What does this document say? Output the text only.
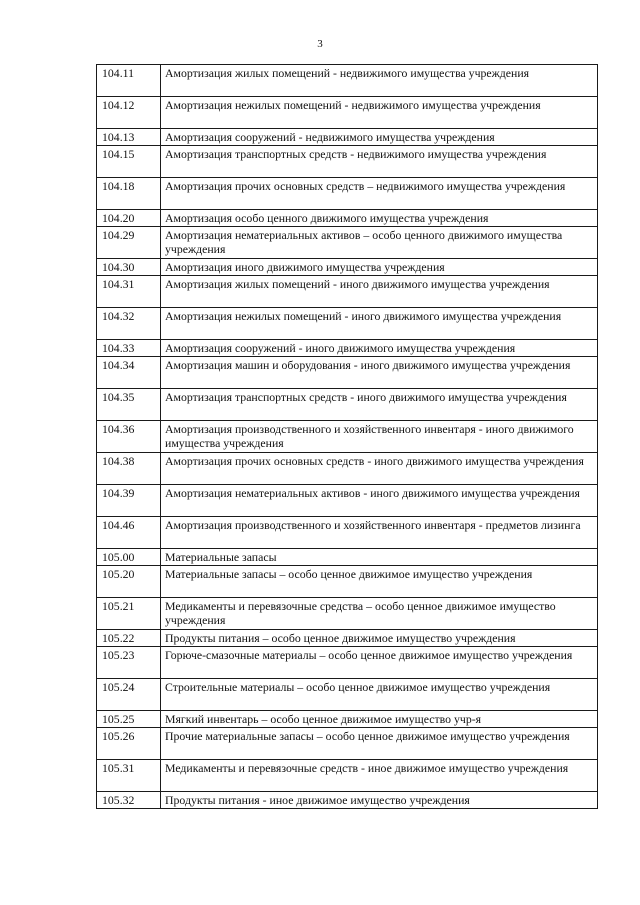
3
104.11	Амортизация жилых помещений - недвижимого имущества учреждения
104.12	Амортизация нежилых помещений - недвижимого имущества учреждения
104.13	Амортизация сооружений - недвижимого имущества учреждения
104.15	Амортизация транспортных средств - недвижимого имущества учреждения
104.18	Амортизация прочих основных средств – недвижимого имущества учреждения
104.20	Амортизация особо ценного движимого имущества учреждения
104.29	Амортизация нематериальных активов – особо ценного движимого имущества учреждения
104.30	Амортизация иного движимого имущества учреждения
104.31	Амортизация жилых помещений - иного движимого имущества учреждения
104.32	Амортизация нежилых помещений - иного движимого имущества учреждения
104.33	Амортизация сооружений - иного движимого имущества учреждения
104.34	Амортизация машин и оборудования - иного движимого имущества учреждения
104.35	Амортизация транспортных средств - иного движимого имущества учреждения
104.36	Амортизация производственного и хозяйственного инвентаря - иного движимого имущества учреждения
104.38	Амортизация прочих основных средств - иного движимого имущества учреждения
104.39	Амортизация нематериальных активов - иного движимого имущества учреждения
104.46	Амортизация производственного и хозяйственного инвентаря - предметов лизинга
105.00	Материальные запасы
105.20	Материальные запасы – особо ценное движимое имущество учреждения
105.21	Медикаменты и перевязочные средства – особо ценное движимое имущество учреждения
105.22	Продукты питания – особо ценное движимое имущество учреждения
105.23	Горюче-смазочные материалы – особо ценное движимое имущество учреждения
105.24	Строительные материалы – особо ценное движимое имущество учреждения
105.25	Мягкий инвентарь – особо ценное движимое имущество учр-я
105.26	Прочие материальные запасы – особо ценное движимое имущество учреждения
105.31	Медикаменты и перевязочные средств - иное движимое имущество учреждения
105.32	Продукты питания - иное движимое имущество учреждения
